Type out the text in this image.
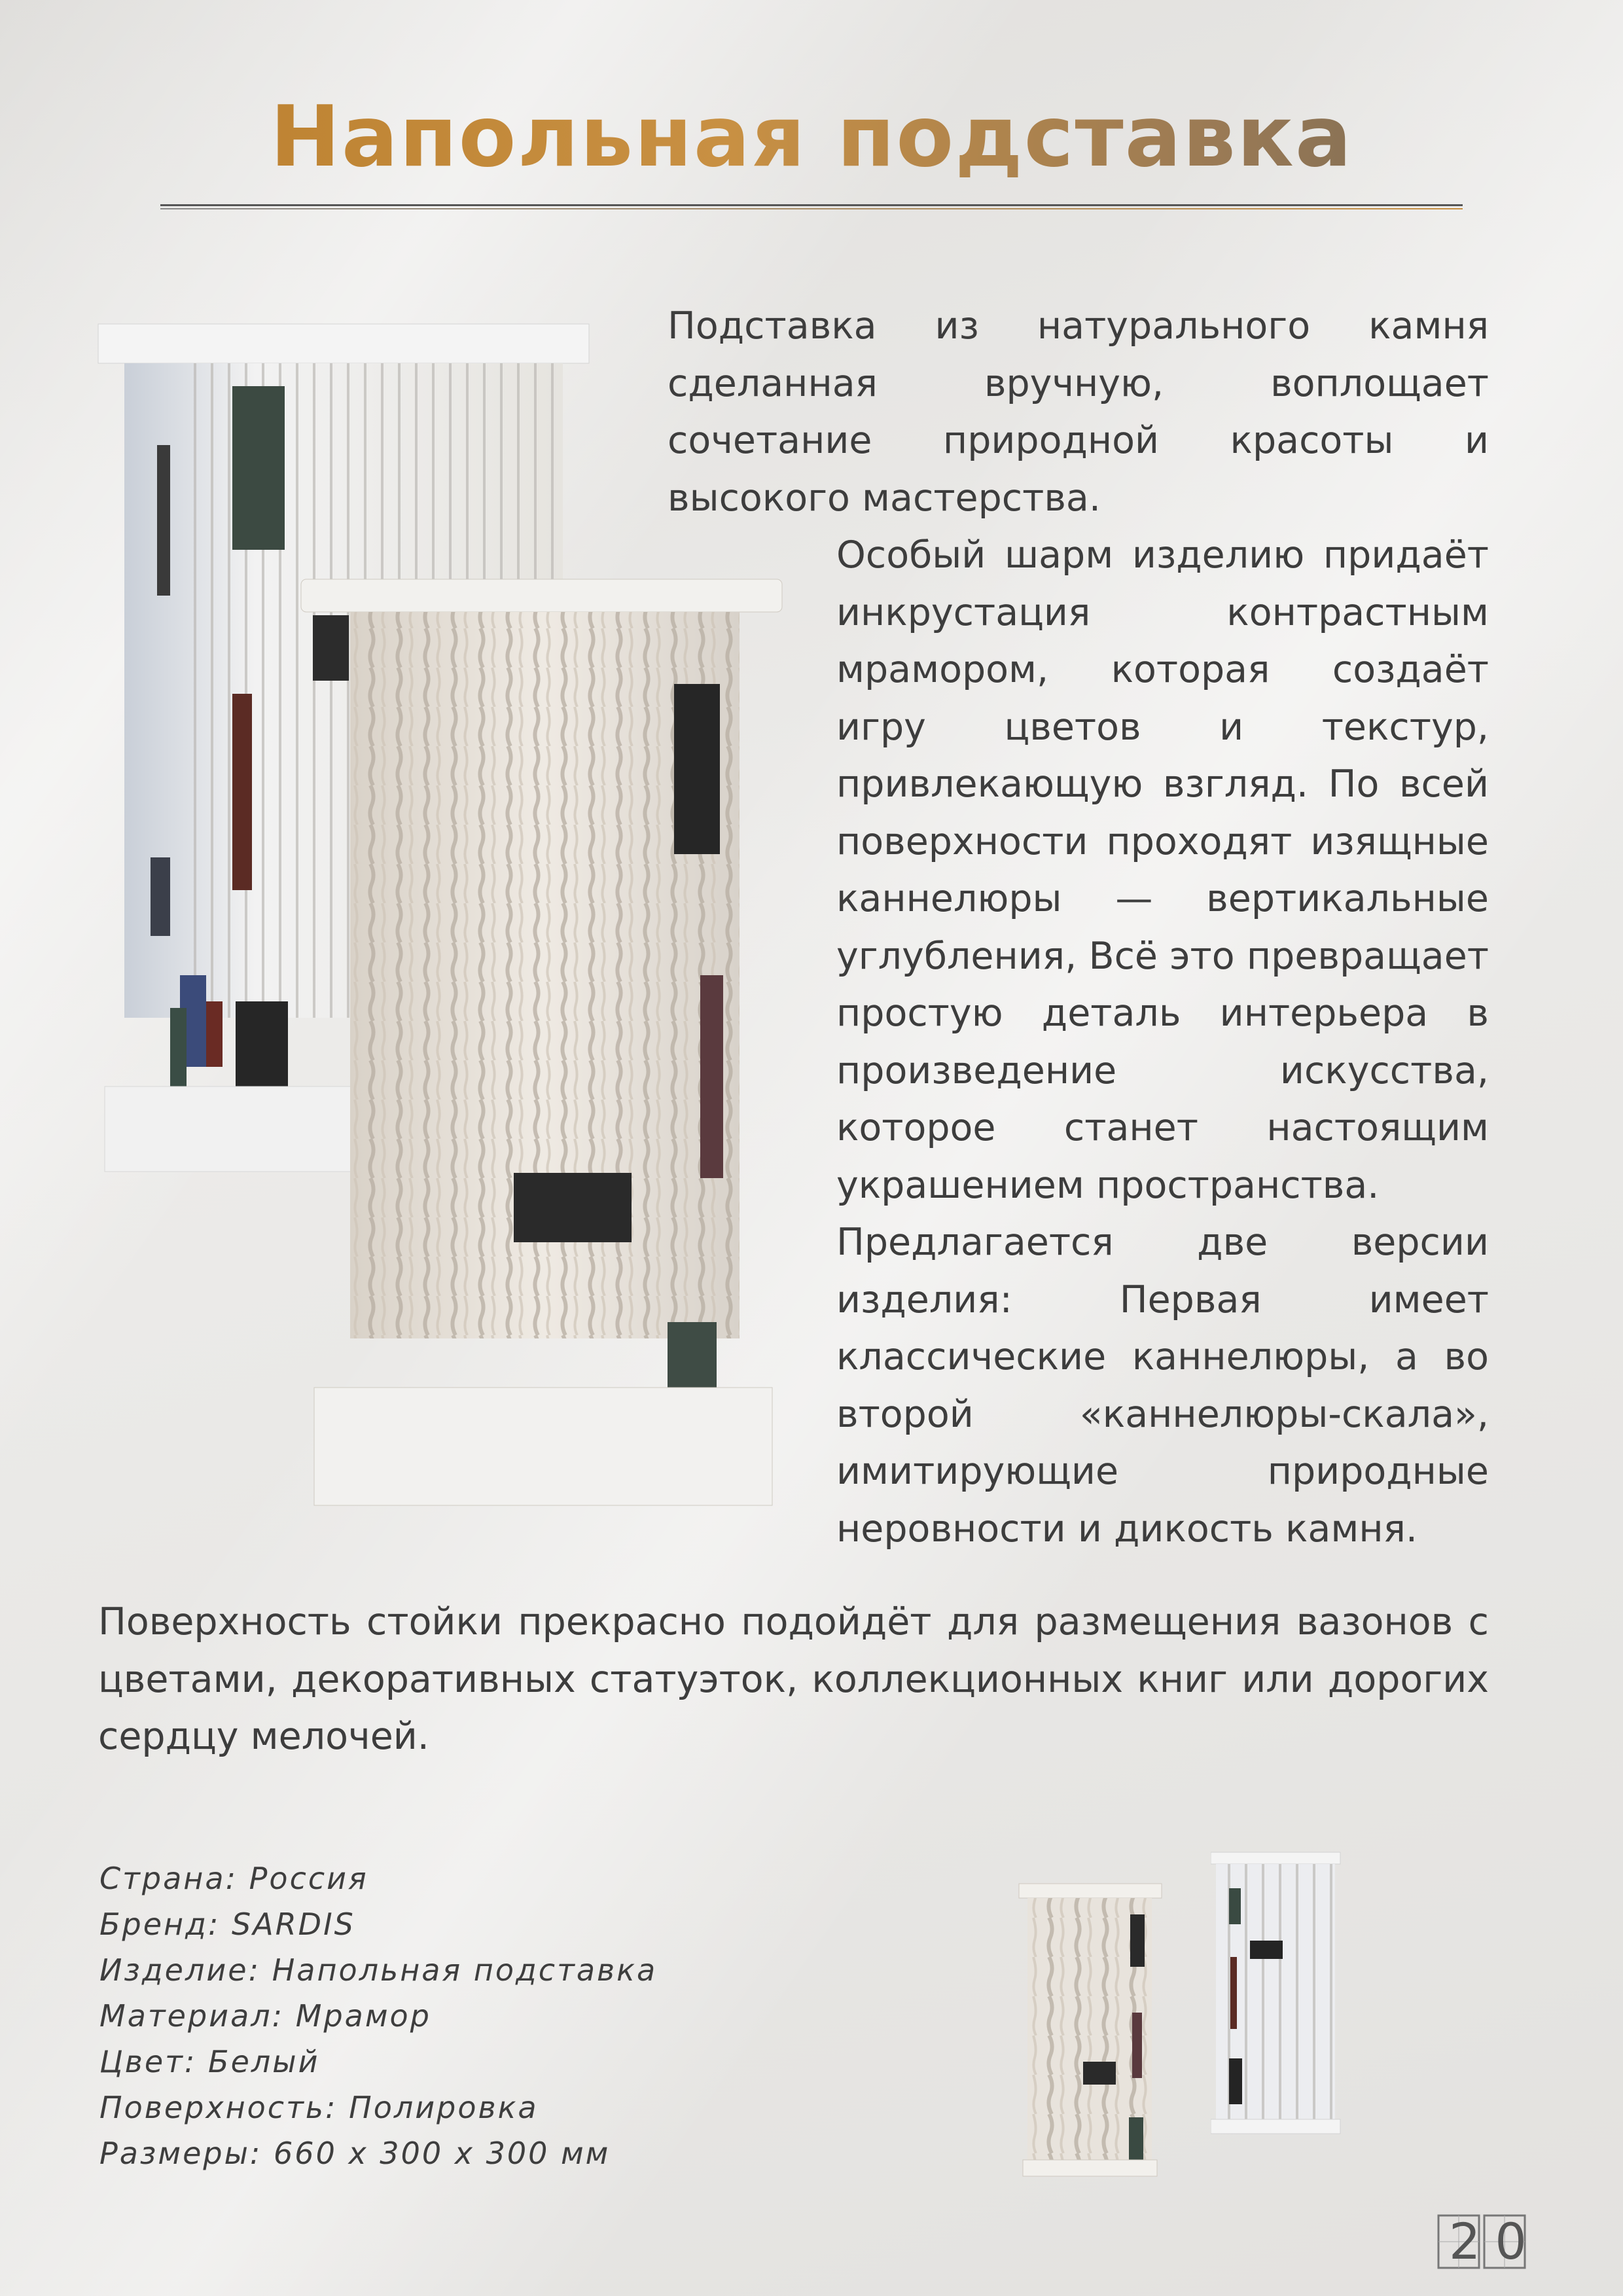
Напольная подставка

Подставка из натурального камня сделанная вручную, воплощает сочетание природной красоты и высокого мастерства.

Особый шарм изделию придаёт инкрустация контрастным мрамором, которая создаёт игру цветов и текстур, привлекающую взгляд. По всей поверхности проходят изящные каннелюры — вертикальные углубления, Всё это превращает простую деталь интерьера в произведение искусства, которое станет настоящим украшением пространства.

Предлагается две версии изделия: Первая имеет классические каннелюры, а во второй «каннелюры-скала», имитирующие природные неровности и дикость камня.

Поверхность стойки прекрасно подойдёт для размещения вазонов с цветами, декоративных статуэток, коллекционных книг или дорогих сердцу мелочей.

Страна: Россия
Бренд: SARDIS
Изделие: Напольная подставка
Материал: Мрамор
Цвет: Белый
Поверхность: Полировка
Размеры: 660 x 300 x 300 мм
20
